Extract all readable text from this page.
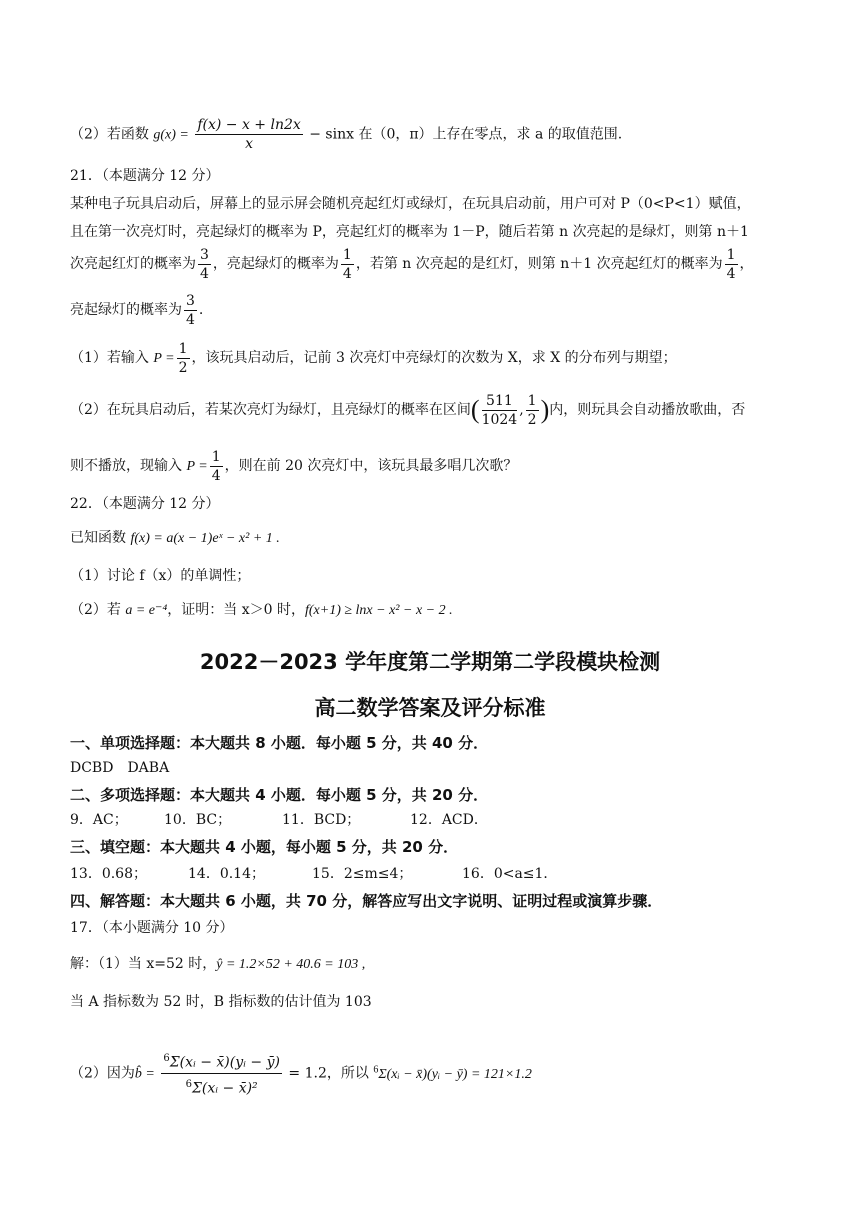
（2）若函数 $g(x) = \frac{f(x) - x + \ln 2x}{x} - \sin x$ 在（0，π）上存在零点，求 a 的取值范围.
21．（本题满分 12 分）
某种电子玩具启动后，屏幕上的显示屏会随机亮起红灯或绿灯，在玩具启动前，用户可对 P（0<P<1）赋值，
且在第一次亮灯时，亮起绿灯的概率为 P，亮起红灯的概率为 1－P，随后若第 n 次亮起的是绿灯，则第 n＋1
次亮起红灯的概率为 $\frac{3}{4}$ ，亮起绿灯的概率为 $\frac{1}{4}$ ，若第 n 次亮起的是红灯，则第 n＋1 次亮起红灯的概率为 $\frac{1}{4}$ ，
亮起绿灯的概率为 $\frac{3}{4}$ .
（1）若输入 $P = \frac{1}{2}$ ，该玩具启动后，记前 3 次亮灯中亮绿灯的次数为 X，求 X 的分布列与期望；
（2）在玩具启动后，若某次亮灯为绿灯，且亮绿灯的概率在区间( $\frac{511}{1024}$ , $\frac{1}{2}$ )内，则玩具会自动播放歌曲，否
则不播放，现输入 $P = \frac{1}{4}$ ，则在前 20 次亮灯中，该玩具最多唱几次歌？
22．（本题满分 12 分）
已知函数 f(x) = a(x − 1)eˣ − x² + 1 .
（1）讨论 f（x）的单调性；
（2）若 a = e⁻⁴，证明：当 x＞0 时，f(x+1) ≥ lnx − x² − x − 2 .
2022－2023 学年度第二学期第二学段模块检测
高二数学答案及评分标准
一、单项选择题：本大题共 8 小题．每小题 5 分，共 40 分．
DCBD　DABA
二、多项选择题：本大题共 4 小题．每小题 5 分，共 20 分．
9．AC；	10．BC；	11．BCD；	12．ACD．
三、填空题：本大题共 4 小题，每小题 5 分，共 20 分．
13．0.68；	14．0.14；	15．2≤m≤4；	16．0<a≤1．
四、解答题：本大题共 6 小题，共 70 分，解答应写出文字说明、证明过程或演算步骤．
17．（本小题满分 10 分）
解：（1）当 x=52 时，ŷ = 1.2×52 + 40.6 = 103 ,
当 A 指标数为 52 时，B 指标数的估计值为 103
（2）因为b̂ = $\frac{^6\Sigma(xᵢ - x̄)(yᵢ - ȳ)}{^6\Sigma(xᵢ - x̄)^2} = 1.2$，所以 $^6$Σ(xᵢ − x̄)(yᵢ − ȳ) = 121×1.2
